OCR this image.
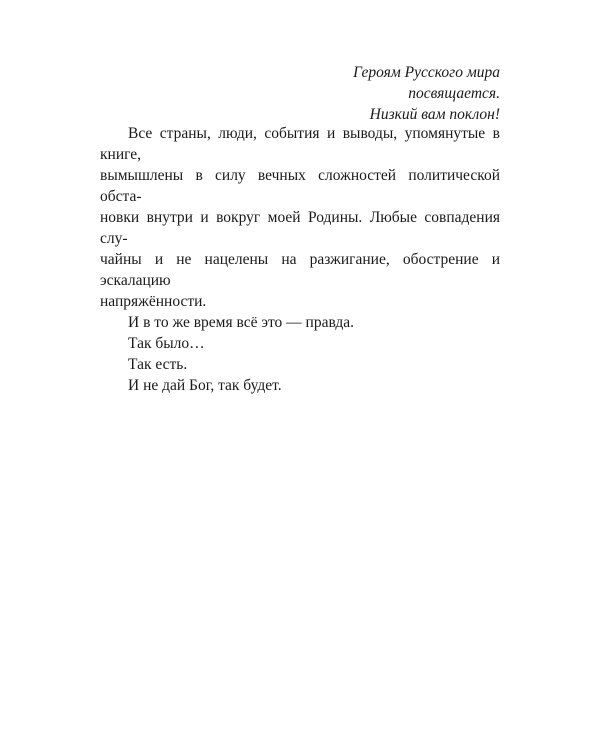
Героям Русского мира
посвящается.
Низкий вам поклон!
Все страны, люди, события и выводы, упомянутые в книге,
вымышлены в силу вечных сложностей политической обста-
новки внутри и вокруг моей Родины. Любые совпадения слу-
чайны и не нацелены на разжигание, обострение и эскалацию
напряжённости.

И в то же время всё это — правда.

Так было…

Так есть.

И не дай Бог, так будет.
